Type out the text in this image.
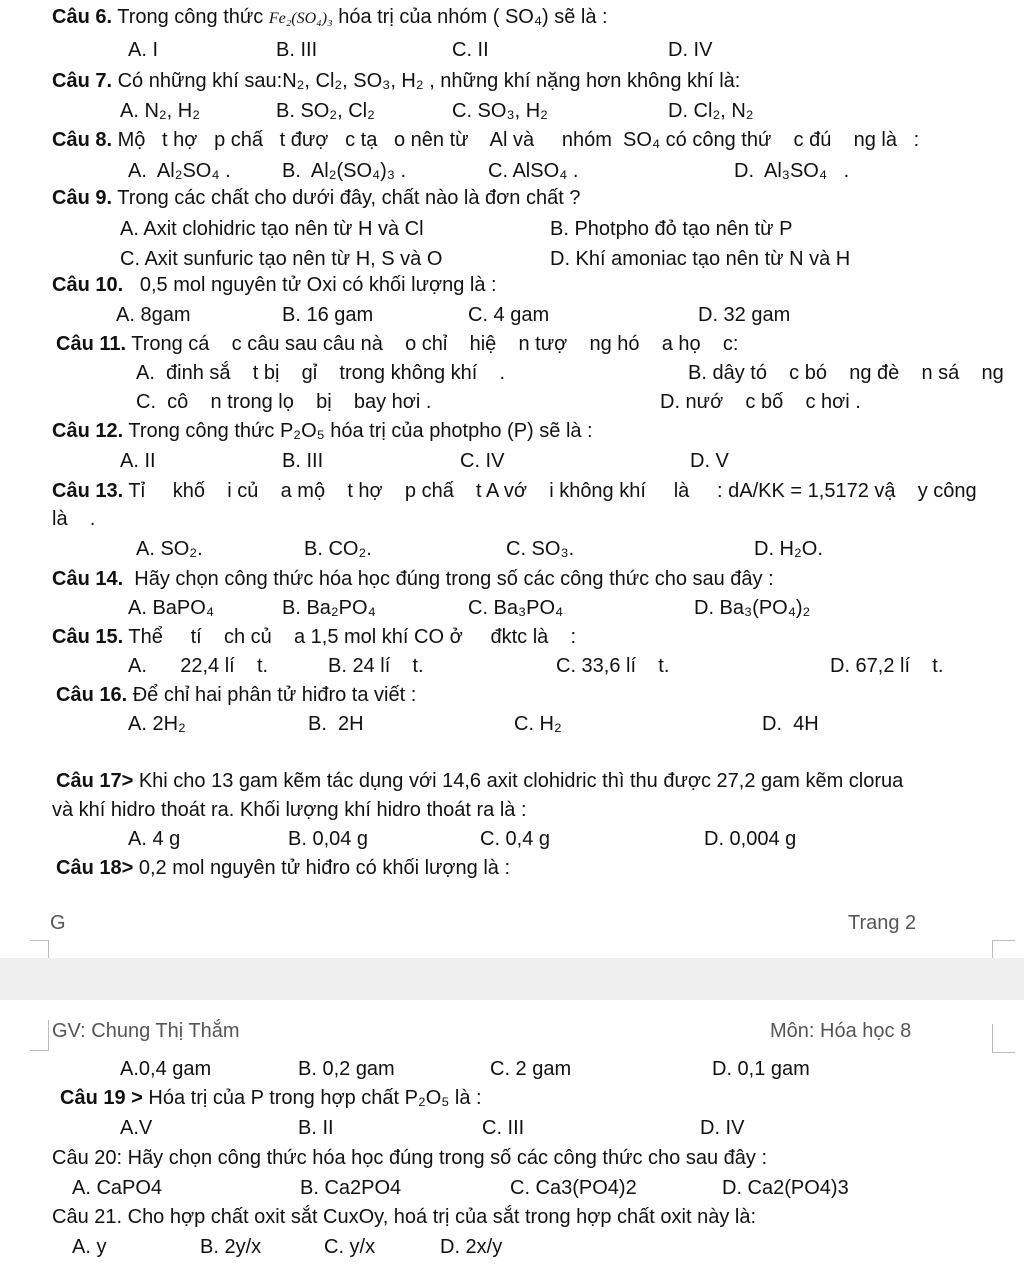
Câu 6. Trong công thức Fe₂(SO₄)₃ hóa trị của nhóm ( SO₄) sẽ là :
A. I	B. III	C. II	D. IV
Câu 7. Có những khí sau:N₂, Cl₂, SO₃, H₂ , những khí nặng hơn không khí là:
A. N₂, H₂	B. SO₂, Cl₂	C. SO₃, H₂	D. Cl₂, N₂
Câu 8. Mộ   t hợ   p chấ   t đượ   c tạ   o nên từ    Al và     nhóm  SO₄ có công thứ    c đú    ng là   :
A.  Al₂SO₄ .	B.  Al₂(SO₄)₃ .	C. AlSO₄ .	D.  Al₃SO₄   .
Câu 9. Trong các chất cho dưới đây, chất nào là đơn chất ?
A. Axit clohidric tạo nên từ H và Cl	B. Photpho đỏ tạo nên từ P
C. Axit sunfuric tạo nên từ H, S và O	D. Khí amoniac tạo nên từ N và H
Câu 10.   0,5 mol nguyên tử Oxi có khối lượng là :
A. 8gam	B. 16 gam	C. 4 gam	D. 32 gam
Câu 11. Trong cá    c câu sau câu nà    o chỉ    hiệ    n tượ    ng hó    a họ    c:
A.  đinh sắ    t bị    gỉ    trong không khí    .	B. dây tó    c bó    ng đè    n sá    ng
C.  cô    n trong lọ    bị    bay hơi .	D. nướ    c bố    c hơi .
Câu 12. Trong công thức P₂O₅ hóa trị của photpho (P) sẽ là :
A. II	B. III	C. IV	D. V
Câu 13. Tỉ     khố    i củ    a mộ    t hợ    p chấ    t A vớ    i không khí     là     : dA/KK = 1,5172 vậ    y công
là    .
A. SO₂.	B. CO₂.	C. SO₃.	D. H₂O.
Câu 14.  Hãy chọn công thức hóa học đúng trong số các công thức cho sau đây :
A. BaPO₄	B. Ba₂PO₄	C. Ba₃PO₄	D. Ba₃(PO₄)₂
Câu 15. Thể     tí    ch củ    a 1,5 mol khí CO ở     đktc là    :
A.      22,4 lí    t.	B. 24 lí    t.	C. 33,6 lí    t.	D. 67,2 lí    t.
Câu 16. Để chỉ hai phân tử hiđro ta viết :
A. 2H₂	B.  2H	C. H₂	D.  4H
Câu 17> Khi cho 13 gam kẽm tác dụng với 14,6 axit clohidric thì thu được 27,2 gam kẽm clorua
và khí hidro thoát ra. Khối lượng khí hidro thoát ra là :
A. 4 g	B. 0,04 g	C. 0,4 g	D. 0,004 g
Câu 18> 0,2 mol nguyên tử hiđro có khối lượng là :
G	Trang 2
GV: Chung Thị Thắm	Môn: Hóa học 8
A.0,4 gam	B. 0,2 gam	C. 2 gam	D. 0,1 gam
Câu 19 > Hóa trị của P trong hợp chất P₂O₅ là :
A.V	B. II	C. III	D. IV
Câu 20: Hãy chọn công thức hóa học đúng trong số các công thức cho sau đây :
A. CaPO4	B. Ca2PO4	C. Ca3(PO4)2	D. Ca2(PO4)3
Câu 21. Cho hợp chất oxit sắt CuxOy, hoá trị của sắt trong hợp chất oxit này là:
A. y	B. 2y/x	C. y/x	D. 2x/y
